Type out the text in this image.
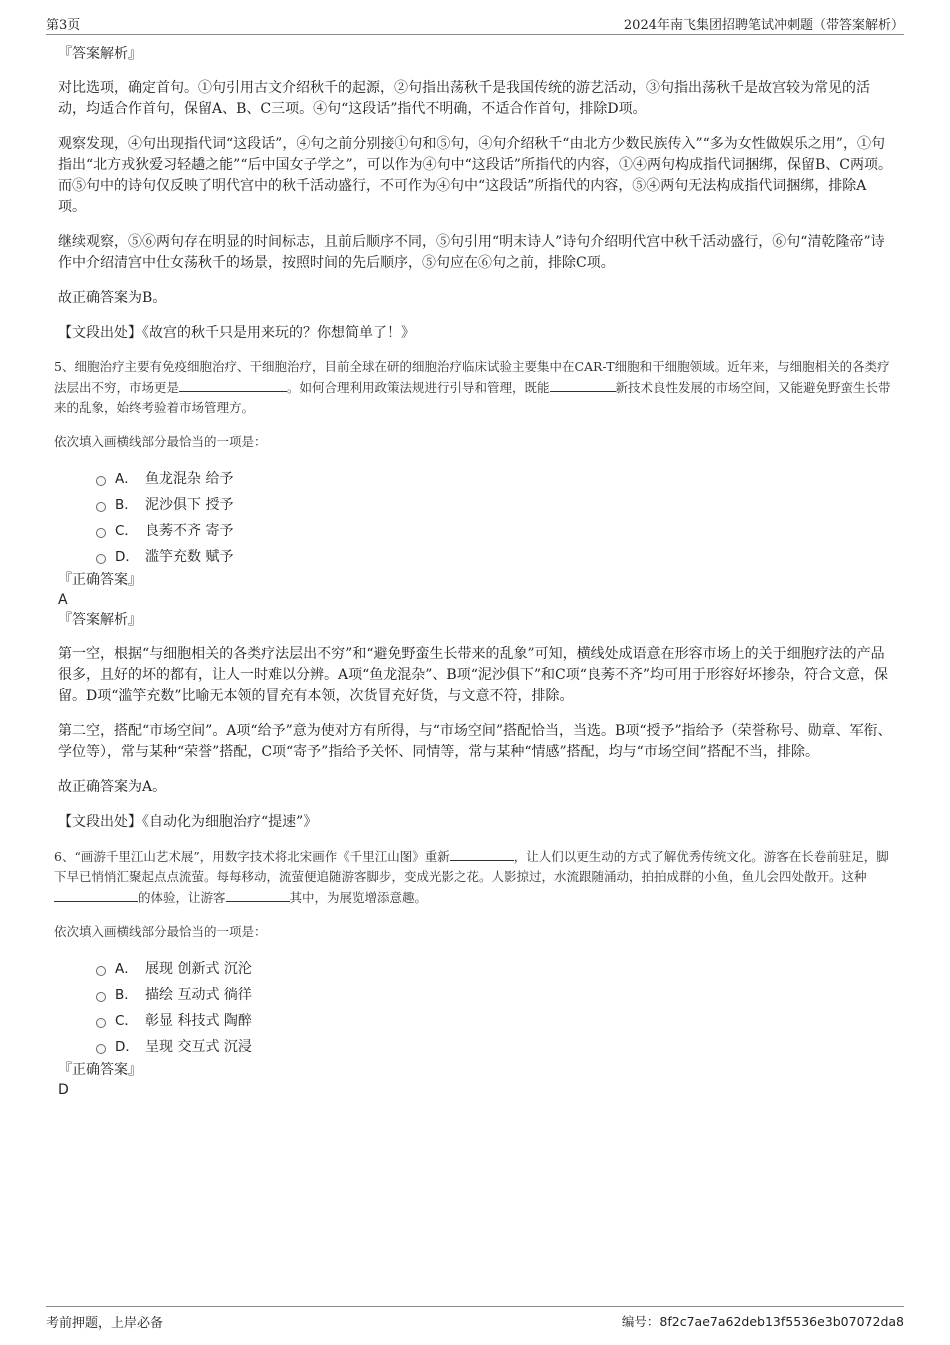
第3页	2024年南飞集团招聘笔试冲刺题（带答案解析）

『答案解析』

对比选项，确定首句。①句引用古文介绍秋千的起源，②句指出荡秋千是我国传统的游艺活动，③句指出荡秋千是故宫较为常见的活动，均适合作首句，保留A、B、C三项。④句“这段话”指代不明确，不适合作首句，排除D项。

观察发现，④句出现指代词“这段话”，④句之前分别接①句和⑤句，④句介绍秋千“由北方少数民族传入”“多为女性做娱乐之用”，①句指出“北方戎狄爱习轻趫之能”“后中国女子学之”，可以作为④句中“这段话”所指代的内容，①④两句构成指代词捆绑，保留B、C两项。而⑤句中的诗句仅反映了明代宫中的秋千活动盛行，不可作为④句中“这段话”所指代的内容，⑤④两句无法构成指代词捆绑，排除A项。

继续观察，⑤⑥两句存在明显的时间标志，且前后顺序不同，⑤句引用“明末诗人”诗句介绍明代宫中秋千活动盛行，⑥句“清乾隆帝”诗作中介绍清宫中仕女荡秋千的场景，按照时间的先后顺序，⑤句应在⑥句之前，排除C项。

故正确答案为B。

【文段出处】《故宫的秋千只是用来玩的？你想简单了！》

5、细胞治疗主要有免疫细胞治疗、干细胞治疗，目前全球在研的细胞治疗临床试验主要集中在CAR-T细胞和干细胞领域。近年来，与细胞相关的各类疗法层出不穷，市场更是	。如何合理利用政策法规进行引导和管理，既能	新技术良性发展的市场空间，又能避免野蛮生长带来的乱象，始终考验着市场管理方。

依次填入画横线部分最恰当的一项是：

A． 鱼龙混杂 给予
B． 泥沙俱下 授予
C． 良莠不齐 寄予
D． 滥竽充数 赋予

『正确答案』

A

『答案解析』

第一空，根据“与细胞相关的各类疗法层出不穷”和“避免野蛮生长带来的乱象”可知，横线处成语意在形容市场上的关于细胞疗法的产品很多，且好的坏的都有，让人一时难以分辨。A项“鱼龙混杂”、B项“泥沙俱下”和C项“良莠不齐”均可用于形容好坏掺杂，符合文意，保留。D项“滥竽充数”比喻无本领的冒充有本领，次货冒充好货，与文意不符，排除。

第二空，搭配“市场空间”。A项“给予”意为使对方有所得，与“市场空间”搭配恰当，当选。B项“授予”指给予（荣誉称号、勋章、军衔、学位等），常与某种“荣誉”搭配，C项“寄予”指给予关怀、同情等，常与某种“情感”搭配，均与“市场空间”搭配不当，排除。

故正确答案为A。

【文段出处】《自动化为细胞治疗“提速”》

6、“画游千里江山艺术展”，用数字技术将北宋画作《千里江山图》重新	，让人们以更生动的方式了解优秀传统文化。游客在长卷前驻足，脚下早已悄悄汇聚起点点流萤。每每移动，流萤便追随游客脚步，变成光影之花。人影掠过，水流跟随涌动，拍拍成群的小鱼，鱼儿会四处散开。这种的体验，让游客	其中，为展览增添意趣。

依次填入画横线部分最恰当的一项是：

A． 展现 创新式 沉沦
B． 描绘 互动式 徜徉
C． 彰显 科技式 陶醉
D． 呈现 交互式 沉浸

『正确答案』

D

考前押题，上岸必备	编号：8f2c7ae7a62deb13f5536e3b07072da8
